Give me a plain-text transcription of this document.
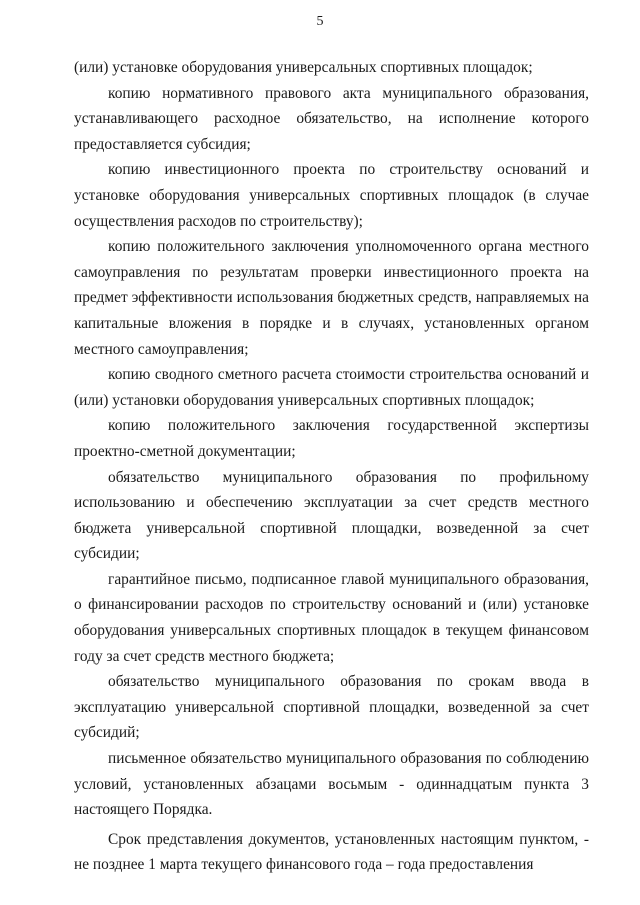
5

(или) установке оборудования универсальных спортивных площадок;

копию нормативного правового акта муниципального образования, устанавливающего расходное обязательство, на исполнение которого предоставляется субсидия;

копию инвестиционного проекта по строительству оснований и установке оборудования универсальных спортивных площадок (в случае осуществления расходов по строительству);

копию положительного заключения уполномоченного органа местного самоуправления по результатам проверки инвестиционного проекта на предмет эффективности использования бюджетных средств, направляемых на капитальные вложения в порядке и в случаях, установленных органом местного самоуправления;

копию сводного сметного расчета стоимости строительства оснований и (или) установки оборудования универсальных спортивных площадок;

копию положительного заключения государственной экспертизы проектно-сметной документации;

обязательство муниципального образования по профильному использованию и обеспечению эксплуатации за счет средств местного бюджета универсальной спортивной площадки, возведенной за счет субсидии;

гарантийное письмо, подписанное главой муниципального образования, о финансировании расходов по строительству оснований и (или) установке оборудования универсальных спортивных площадок в текущем финансовом году за счет средств местного бюджета;

обязательство муниципального образования по срокам ввода в эксплуатацию универсальной спортивной площадки, возведенной за счет субсидий;

письменное обязательство муниципального образования по соблюдению условий, установленных абзацами восьмым - одиннадцатым пункта 3 настоящего Порядка.

Срок представления документов, установленных настоящим пунктом, - не позднее 1 марта текущего финансового года – года предоставления
